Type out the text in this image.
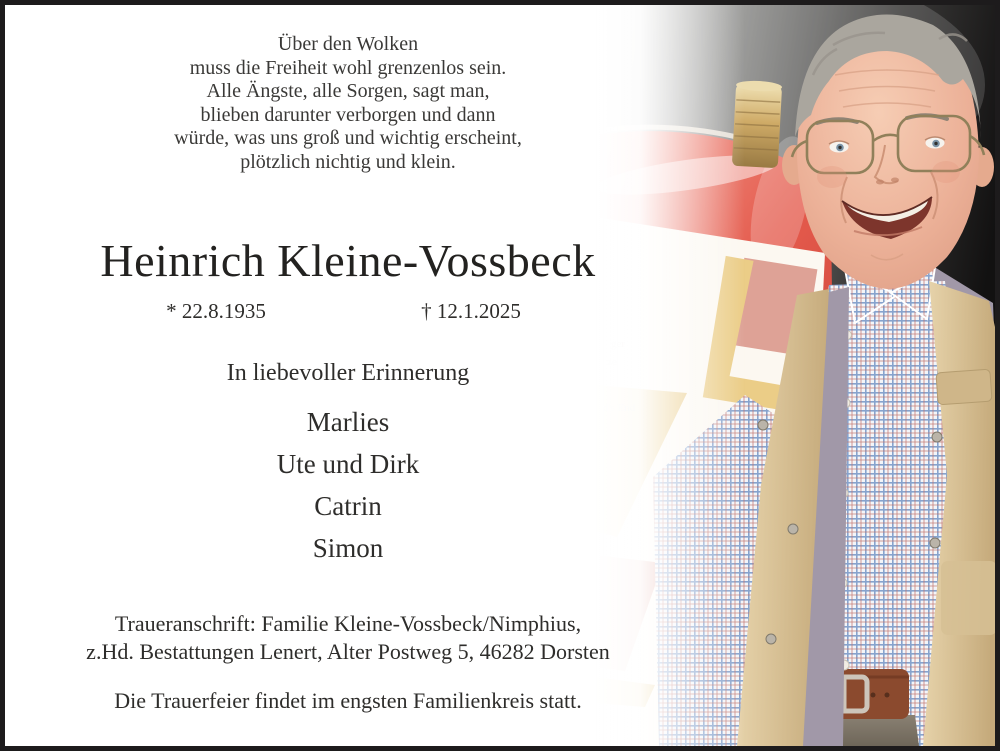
Über den Wolken
muss die Freiheit wohl grenzenlos sein.
Alle Ängste, alle Sorgen, sagt man,
blieben darunter verborgen und dann
würde, was uns groß und wichtig erscheint,
plötzlich nichtig und klein.
Heinrich Kleine-Vossbeck
* 22.8.1935	† 12.1.2025
In liebevoller Erinnerung
Marlies
Ute und Dirk
Catrin
Simon
Traueranschrift: Familie Kleine-Vossbeck/Nimphius,
z.Hd. Bestattungen Lenert, Alter Postweg 5, 46282 Dorsten
Die Trauerfeier findet im engsten Familienkreis statt.
